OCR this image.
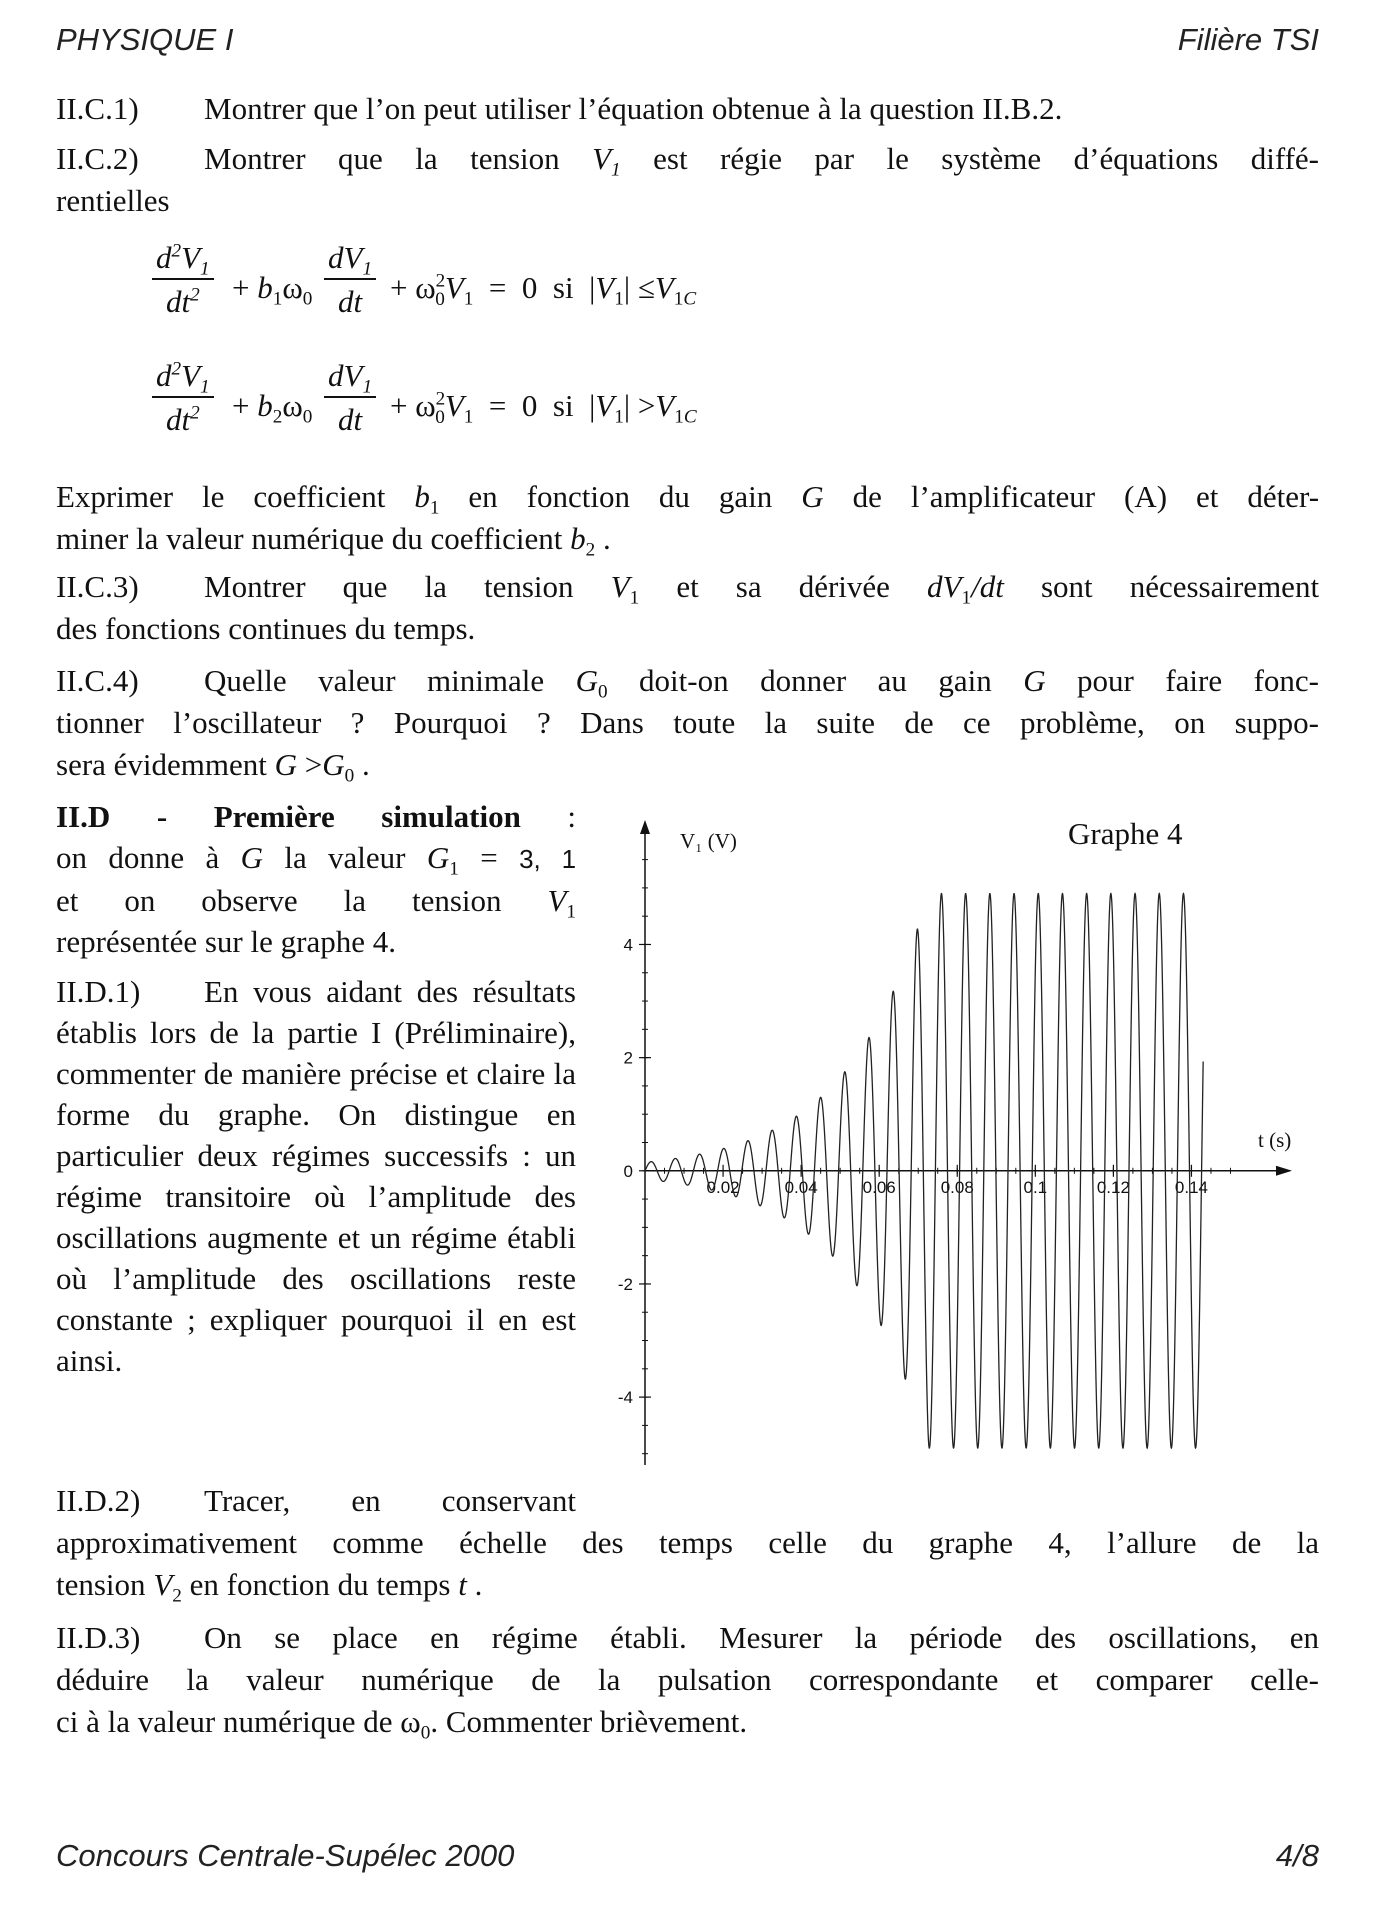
PHYSIQUE I	Filière TSI
II.C.1) Montrer que l’on peut utiliser l’équation obtenue à la question II.B.2.
II.C.2) Montrer que la tension $V_1$ est régie par le système d’équations diffé-
rentielles
$\frac{d^2V_1}{dt^2} + b_1\omega_0 \frac{dV_1}{dt} + \omega^2_0V_1 = 0$  si  $|V_1| \le V_{1C}$
$\frac{d^2V_1}{dt^2} + b_2\omega_0 \frac{dV_1}{dt} + \omega^2_0V_1 = 0$  si  $|V_1| >V_{1C}$
Exprimer le coefficient $b_1$ en fonction du gain G de l’amplificateur (A) et déter-
miner la valeur numérique du coefficient $b_2$ .
II.C.3) Montrer que la tension $V_1$ et sa dérivée $dV_1/dt$ sont nécessairement
des fonctions continues du temps.
II.C.4) Quelle valeur minimale $G_0$ doit-on donner au gain G pour faire fonc-
tionner l’oscillateur ? Pourquoi ? Dans toute la suite de ce problème, on suppo-
sera évidemment $G >G_0$ .

II.D - Première simulation :

on donne à G la valeur $G_1 = 3$, 1

et on observe la tension $V_1$

représentée sur le graphe 4.

II.D.1) En vous aidant des résultats établis lors de la partie I (Préliminaire), commenter de manière précise et claire la forme du graphe. On distingue en particulier deux régimes successifs : un régime transitoire où l’amplitude des oscillations augmente et un régime établi où l’amplitude des oscillations reste constante ; expliquer pourquoi il en est ainsi.

II.D.2) Tracer, en conservant
approximativement comme échelle des temps celle du graphe 4, l’allure de la
tension $V_2$ en fonction du temps t .
II.D.3) On se place en régime établi. Mesurer la période des oscillations, en
déduire la valeur numérique de la pulsation correspondante et comparer celle-
ci à la valeur numérique de $\omega_0$. Commenter brièvement.
Graphe 4
V₁ (V)
t (s)
-4
-2
0
2
4
0.02	0.04	0.06	0.08	0.1	0.12	0.14
Concours Centrale-Supélec 2000	4/8
